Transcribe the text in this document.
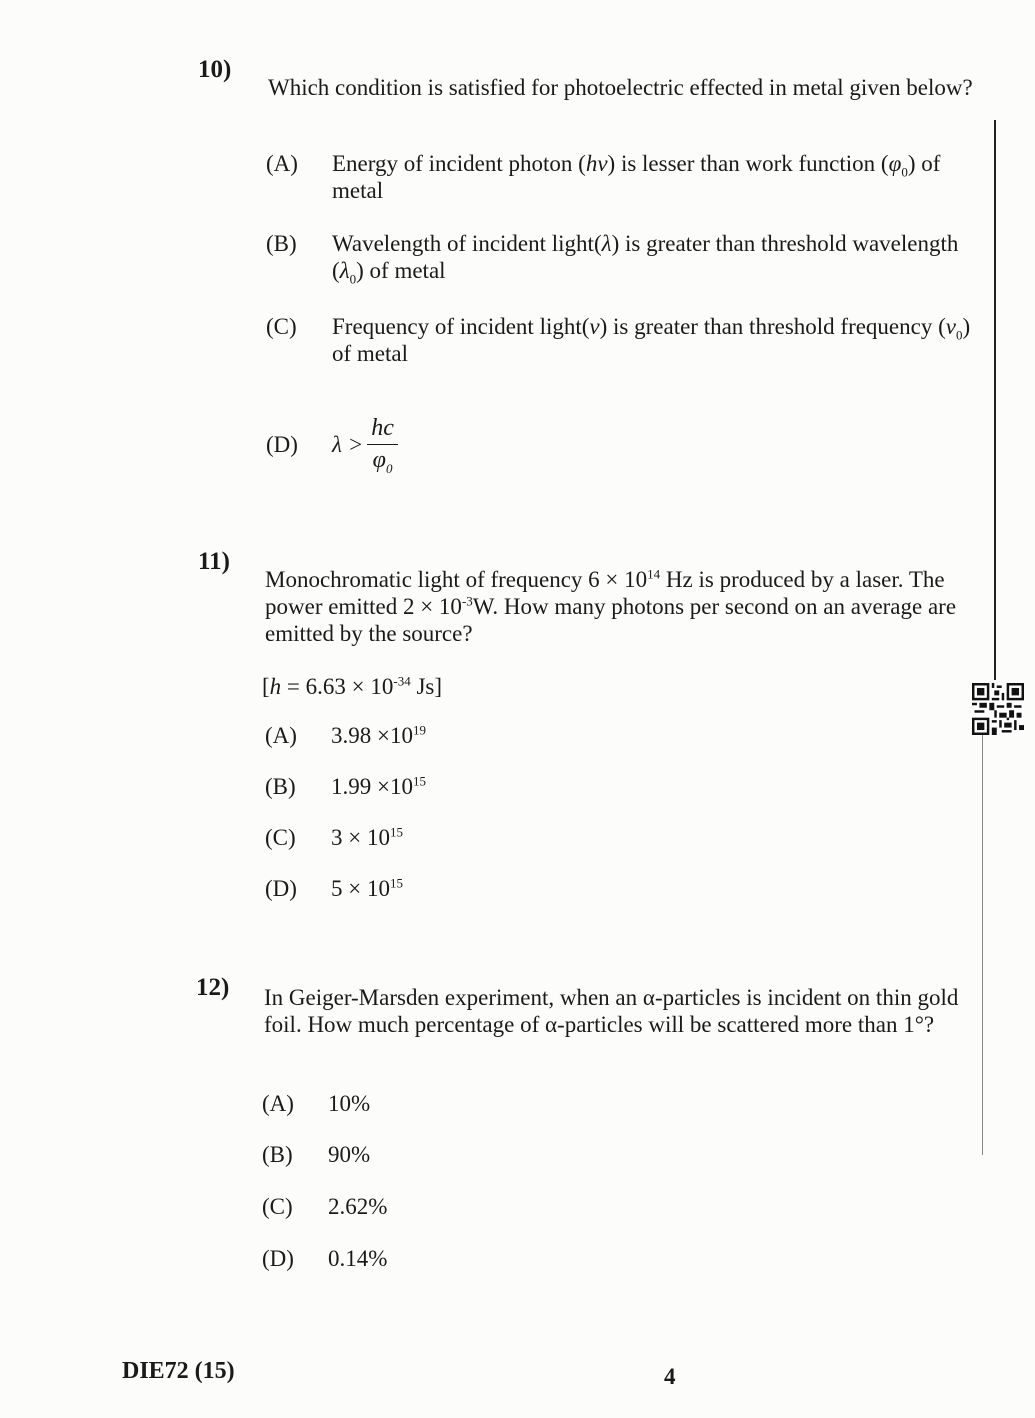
10)
Which condition is satisfied for photoelectric effected in metal given below?
(A) Energy of incident photon (hν) is lesser than work function $(\varphi_0)$ of metal
(B) Wavelength of incident light(λ) is greater than threshold wavelength $(\lambda_0)$ of metal
(C) Frequency of incident light(ν) is greater than threshold frequency $(\nu_0)$ of metal
(D)	$\lambda > \frac{hc}{\varphi_0}$
11)
Monochromatic light of frequency $6 \times 10^{14}$ Hz is produced by a laser. The power emitted $2 \times 10^{-3}W$. How many photons per second on an average are emitted by the source?
[$h = 6.63 \times 10^{-34}$ Js]
(A) $3.98 \times 10^{19}$
(B) $1.99 \times 10^{15}$
(C) $3 \times 10^{15}$
(D) $5 \times 10^{15}$
12) In Geiger-Marsden experiment, when an α-particles is incident on thin gold foil. How much percentage of α-particles will be scattered more than 1°?
(A) 10%
(B) 90%
(C) 2.62%
(D) 0.14%
DIE72 (15)	4
